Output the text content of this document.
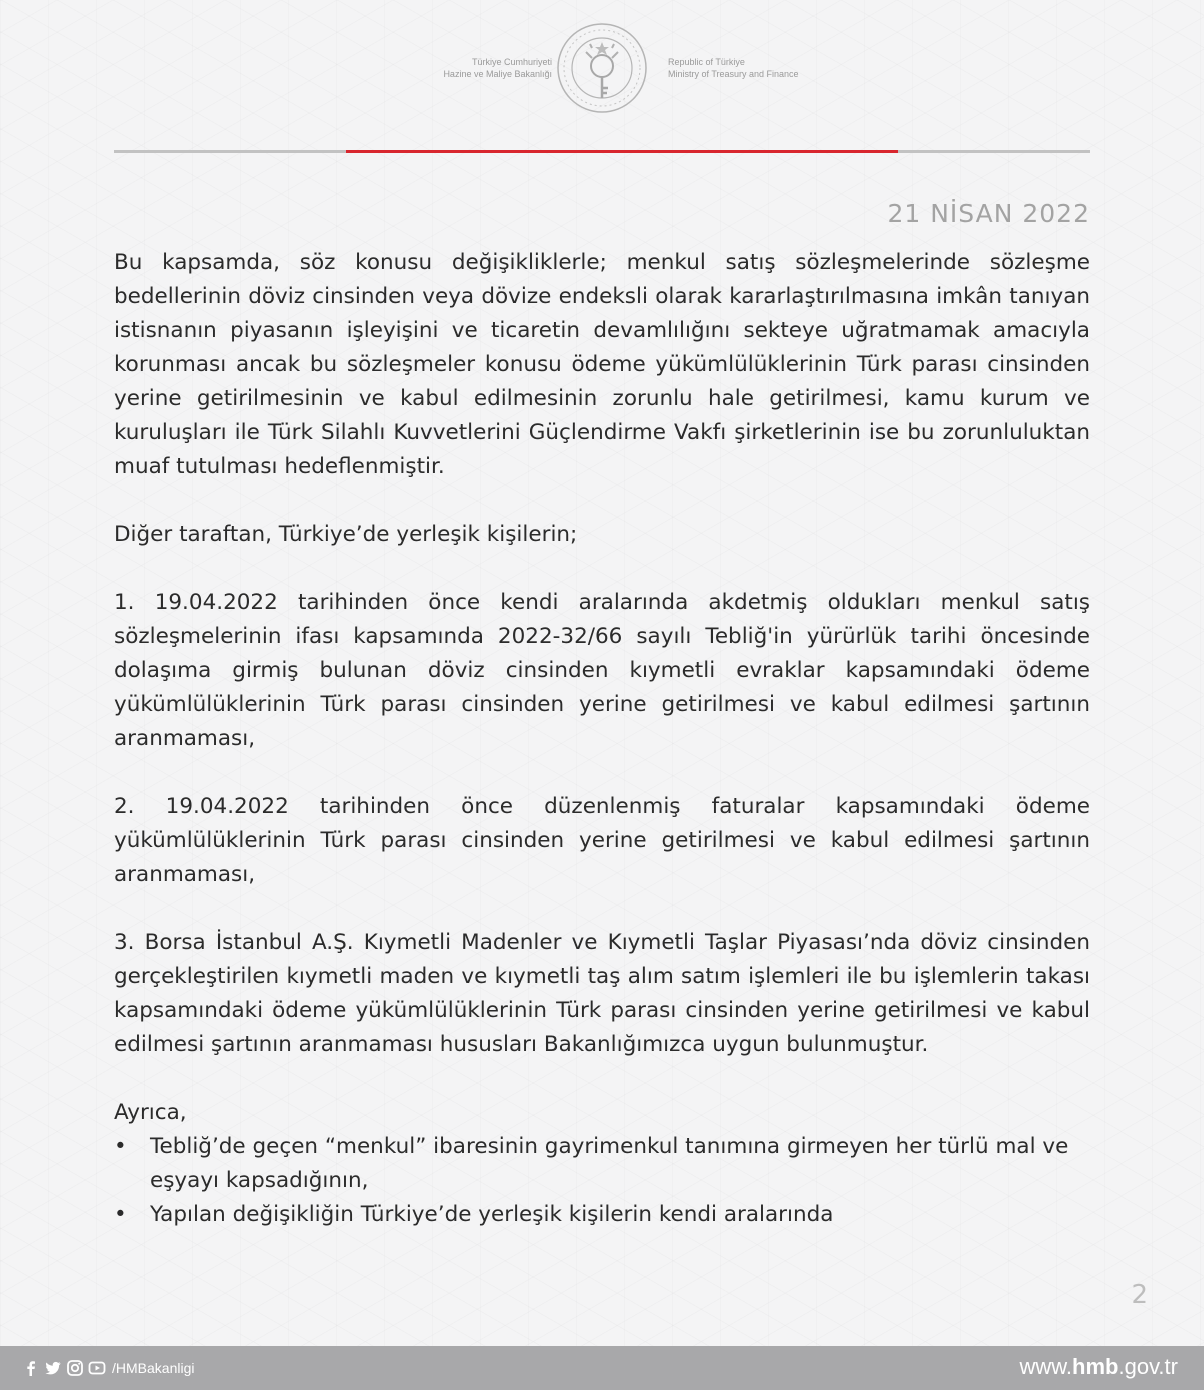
Türkiye Cumhuriyeti
Hazine ve Maliye Bakanlığı
Republic of Türkiye
Ministry of Treasury and Finance
21 NİSAN 2022

Bu kapsamda, söz konusu değişikliklerle; menkul satış sözleşmelerinde sözleşme bedellerinin döviz cinsinden veya dövize endeksli olarak kararlaştırılmasına imkân tanıyan istisnanın piyasanın işleyişini ve ticaretin devamlılığını sekteye uğratmamak amacıyla korunması ancak bu sözleşmeler konusu ödeme yükümlülüklerinin Türk parası cinsinden yerine getirilmesinin ve kabul edilmesinin zorunlu hale getirilmesi, kamu kurum ve kuruluşları ile Türk Silahlı Kuvvetlerini Güçlendirme Vakfı şirketlerinin ise bu zorunluluktan muaf tutulması hedeflenmiştir.

Diğer taraftan, Türkiye’de yerleşik kişilerin;

1. 19.04.2022 tarihinden önce kendi aralarında akdetmiş oldukları menkul satış sözleşmelerinin ifası kapsamında 2022-32/66 sayılı Tebliğ'in yürürlük tarihi öncesinde dolaşıma girmiş bulunan döviz cinsinden kıymetli evraklar kapsamındaki ödeme yükümlülüklerinin Türk parası cinsinden yerine getirilmesi ve kabul edilmesi şartının aranmaması,

2. 19.04.2022 tarihinden önce düzenlenmiş faturalar kapsamındaki ödeme yükümlülüklerinin Türk parası cinsinden yerine getirilmesi ve kabul edilmesi şartının aranmaması,

3. Borsa İstanbul A.Ş. Kıymetli Madenler ve Kıymetli Taşlar Piyasası’nda döviz cinsinden gerçekleştirilen kıymetli maden ve kıymetli taş alım satım işlemleri ile bu işlemlerin takası kapsamındaki ödeme yükümlülüklerinin Türk parası cinsinden yerine getirilmesi ve kabul edilmesi şartının aranmaması hususları Bakanlığımızca uygun bulunmuştur.

Ayrıca,

•	Tebliğ’de geçen “menkul” ibaresinin gayrimenkul tanımına girmeyen her türlü mal ve eşyayı kapsadığının,
•	Yapılan değişikliğin Türkiye’de yerleşik kişilerin kendi aralarında
2
/HMBakanligi	www.hmb.gov.tr
